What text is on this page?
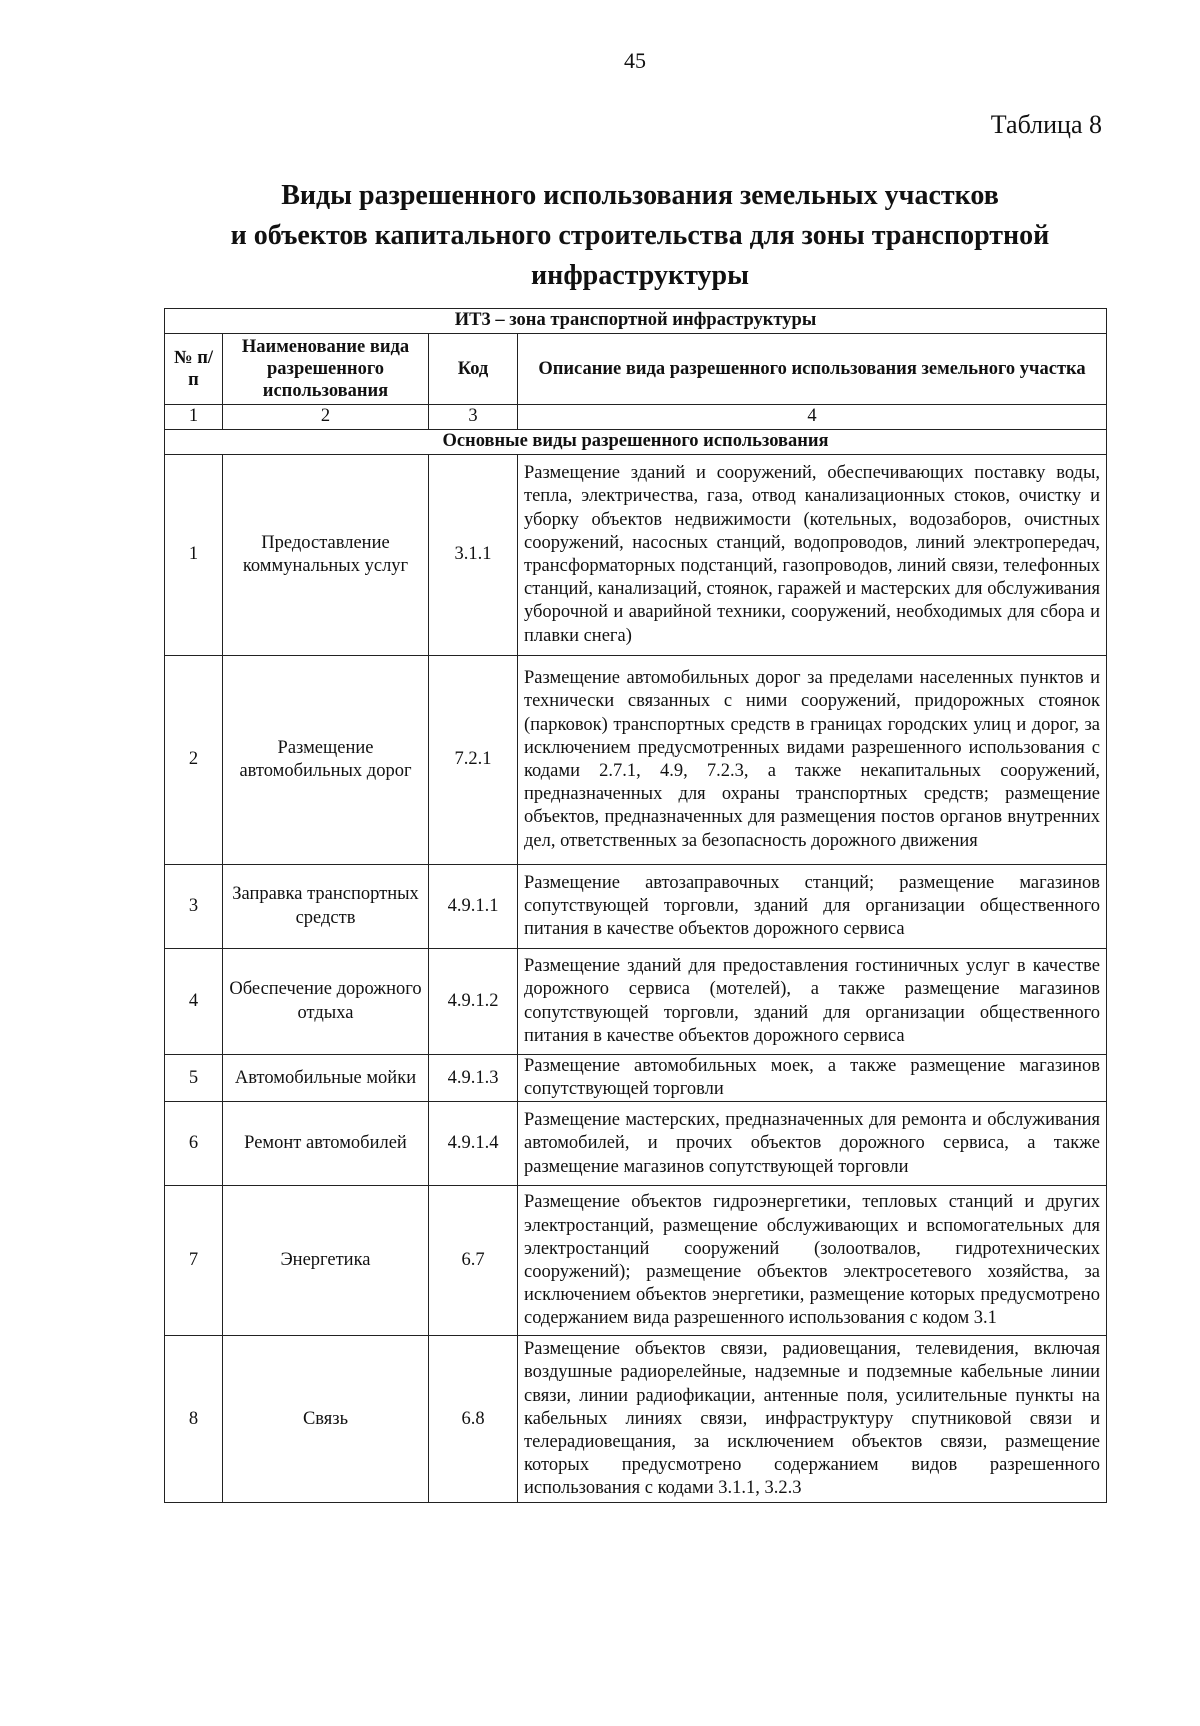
45
Таблица 8
Виды разрешенного использования земельных участков
и объектов капитального строительства для зоны транспортной
инфраструктуры
ИТ3 – зона транспортной инфраструктуры			
№ п/п	Наименование вида разрешенного использования	Код	Описание вида разрешенного использования земельного участка
1	2	3	4
Основные виды разрешенного использования			
1	Предоставление коммунальных услуг	3.1.1	Размещение зданий и сооружений, обеспечивающих поставку воды, тепла, электричества, газа, отвод канализационных стоков, очистку и уборку объектов недвижимости (котельных, водозаборов, очистных сооружений, насосных станций, водопроводов, линий электропередач, трансформаторных подстанций, газопроводов, линий связи, телефонных станций, канализаций, стоянок, гаражей и мастерских для обслуживания уборочной и аварийной техники, сооружений, необходимых для сбора и плавки снега)
2	Размещение автомобильных дорог	7.2.1	Размещение автомобильных дорог за пределами населенных пунктов и технически связанных с ними сооружений, придорожных стоянок (парковок) транспортных средств в границах городских улиц и дорог, за исключением предусмотренных видами разрешенного использования с кодами 2.7.1, 4.9, 7.2.3, а также некапитальных сооружений, предназначенных для охраны транспортных средств; размещение объектов, предназначенных для размещения постов органов внутренних дел, ответственных за безопасность дорожного движения
3	Заправка транспортных средств	4.9.1.1	Размещение автозаправочных станций; размещение магазинов сопутствующей торговли, зданий для организации общественного питания в качестве объектов дорожного сервиса
4	Обеспечение дорожного отдыха	4.9.1.2	Размещение зданий для предоставления гостиничных услуг в качестве дорожного сервиса (мотелей), а также размещение магазинов сопутствующей торговли, зданий для организации общественного питания в качестве объектов дорожного сервиса
5	Автомобильные мойки	4.9.1.3	Размещение автомобильных моек, а также размещение магазинов сопутствующей торговли
6	Ремонт автомобилей	4.9.1.4	Размещение мастерских, предназначенных для ремонта и обслуживания автомобилей, и прочих объектов дорожного сервиса, а также размещение магазинов сопутствующей торговли
7	Энергетика	6.7	Размещение объектов гидроэнергетики, тепловых станций и других электростанций, размещение обслуживающих и вспомогательных для электростанций сооружений (золоотвалов, гидротехнических сооружений); размещение объектов электросетевого хозяйства, за исключением объектов энергетики, размещение которых предусмотрено содержанием вида разрешенного использования с кодом 3.1
8	Связь	6.8	Размещение объектов связи, радиовещания, телевидения, включая воздушные радиорелейные, надземные и подземные кабельные линии связи, линии радиофикации, антенные поля, усилительные пункты на кабельных линиях связи, инфраструктуру спутниковой связи и телерадиовещания, за исключением объектов связи, размещение которых предусмотрено содержанием видов разрешенного использования с кодами 3.1.1, 3.2.3
